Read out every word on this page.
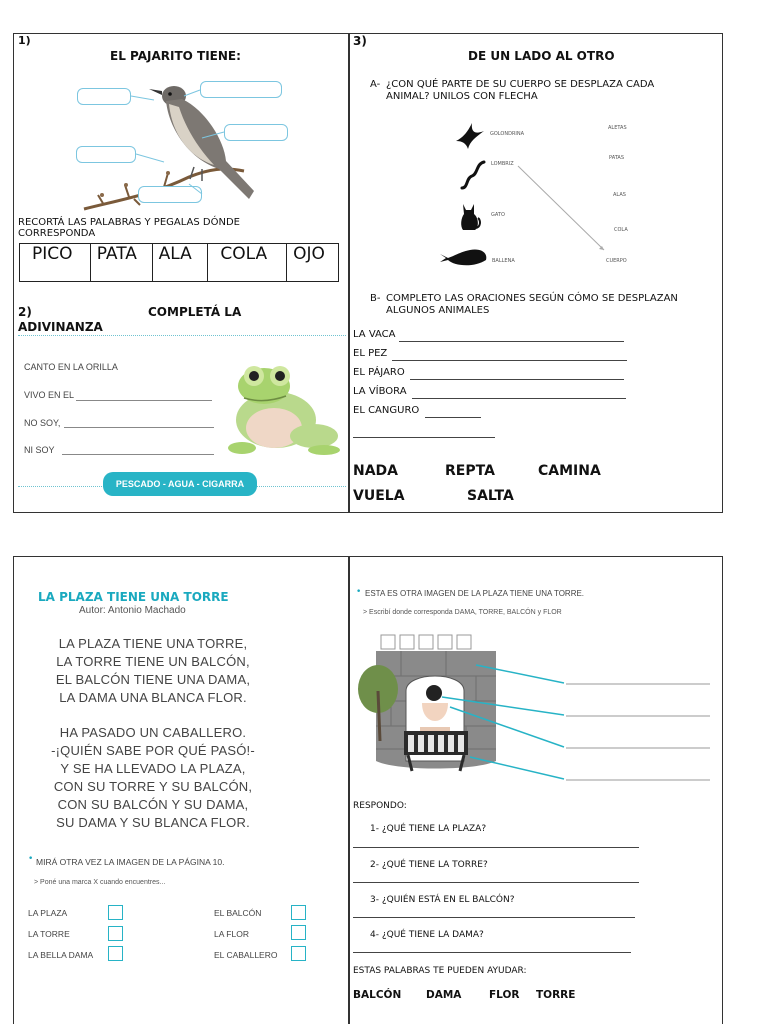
1)
EL PAJARITO TIENE:
RECORTÁ LAS PALABRAS Y PEGALAS DÓNDE CORRESPONDA
PICO	PATA	ALA	COLA	OJO
2)	COMPLETÁ LA
ADIVINANZA
CANTO EN LA ORILLA
VIVO EN EL
NO SOY,
NI SOY
PESCADO - AGUA - CIGARRA
3)
DE UN LADO AL OTRO
A- ¿CON QUÉ PARTE DE SU CUERPO SE DESPLAZA CADA
ANIMAL? UNILOS CON FLECHA
GOLONDRINA
LOMBRIZ
GATO
BALLENA
ALETAS
PATAS
ALAS
COLA
CUERPO
B- COMPLETO LAS ORACIONES SEGÚN CÓMO SE DESPLAZAN
ALGUNOS ANIMALES
LA VACA
EL PEZ
EL PÁJARO
LA VÍBORA
EL CANGURO
NADA	REPTA	CAMINA
VUELA	SALTA
LA PLAZA TIENE UNA TORRE
Autor: Antonio Machado
LA PLAZA TIENE UNA TORRE,
LA TORRE TIENE UN BALCÓN,
EL BALCÓN TIENE UNA DAMA,
LA DAMA UNA BLANCA FLOR.
HA PASADO UN CABALLERO.
-¡QUIÉN SABE POR QUÉ PASÓ!-
Y SE HA LLEVADO LA PLAZA,
CON SU TORRE Y SU BALCÓN,
CON SU BALCÓN Y SU DAMA,
SU DAMA Y SU BLANCA FLOR.
• MIRÁ OTRA VEZ LA IMAGEN DE LA PÁGINA 10.
> Poné una marca X cuando encuentres...
LA PLAZA
LA TORRE
LA BELLA DAMA
EL BALCÓN
LA FLOR
EL CABALLERO
• ESTA ES OTRA IMAGEN DE LA PLAZA TIENE UNA TORRE.
> Escribí donde corresponda DAMA, TORRE, BALCÓN y FLOR
RESPONDO:
1- ¿QUÉ TIENE LA PLAZA?
2- ¿QUÉ TIENE LA TORRE?
3- ¿QUIÉN ESTÁ EN EL BALCÓN?
4- ¿QUÉ TIENE LA DAMA?
ESTAS PALABRAS TE PUEDEN AYUDAR:
BALCÓN DAMA	FLOR TORRE
